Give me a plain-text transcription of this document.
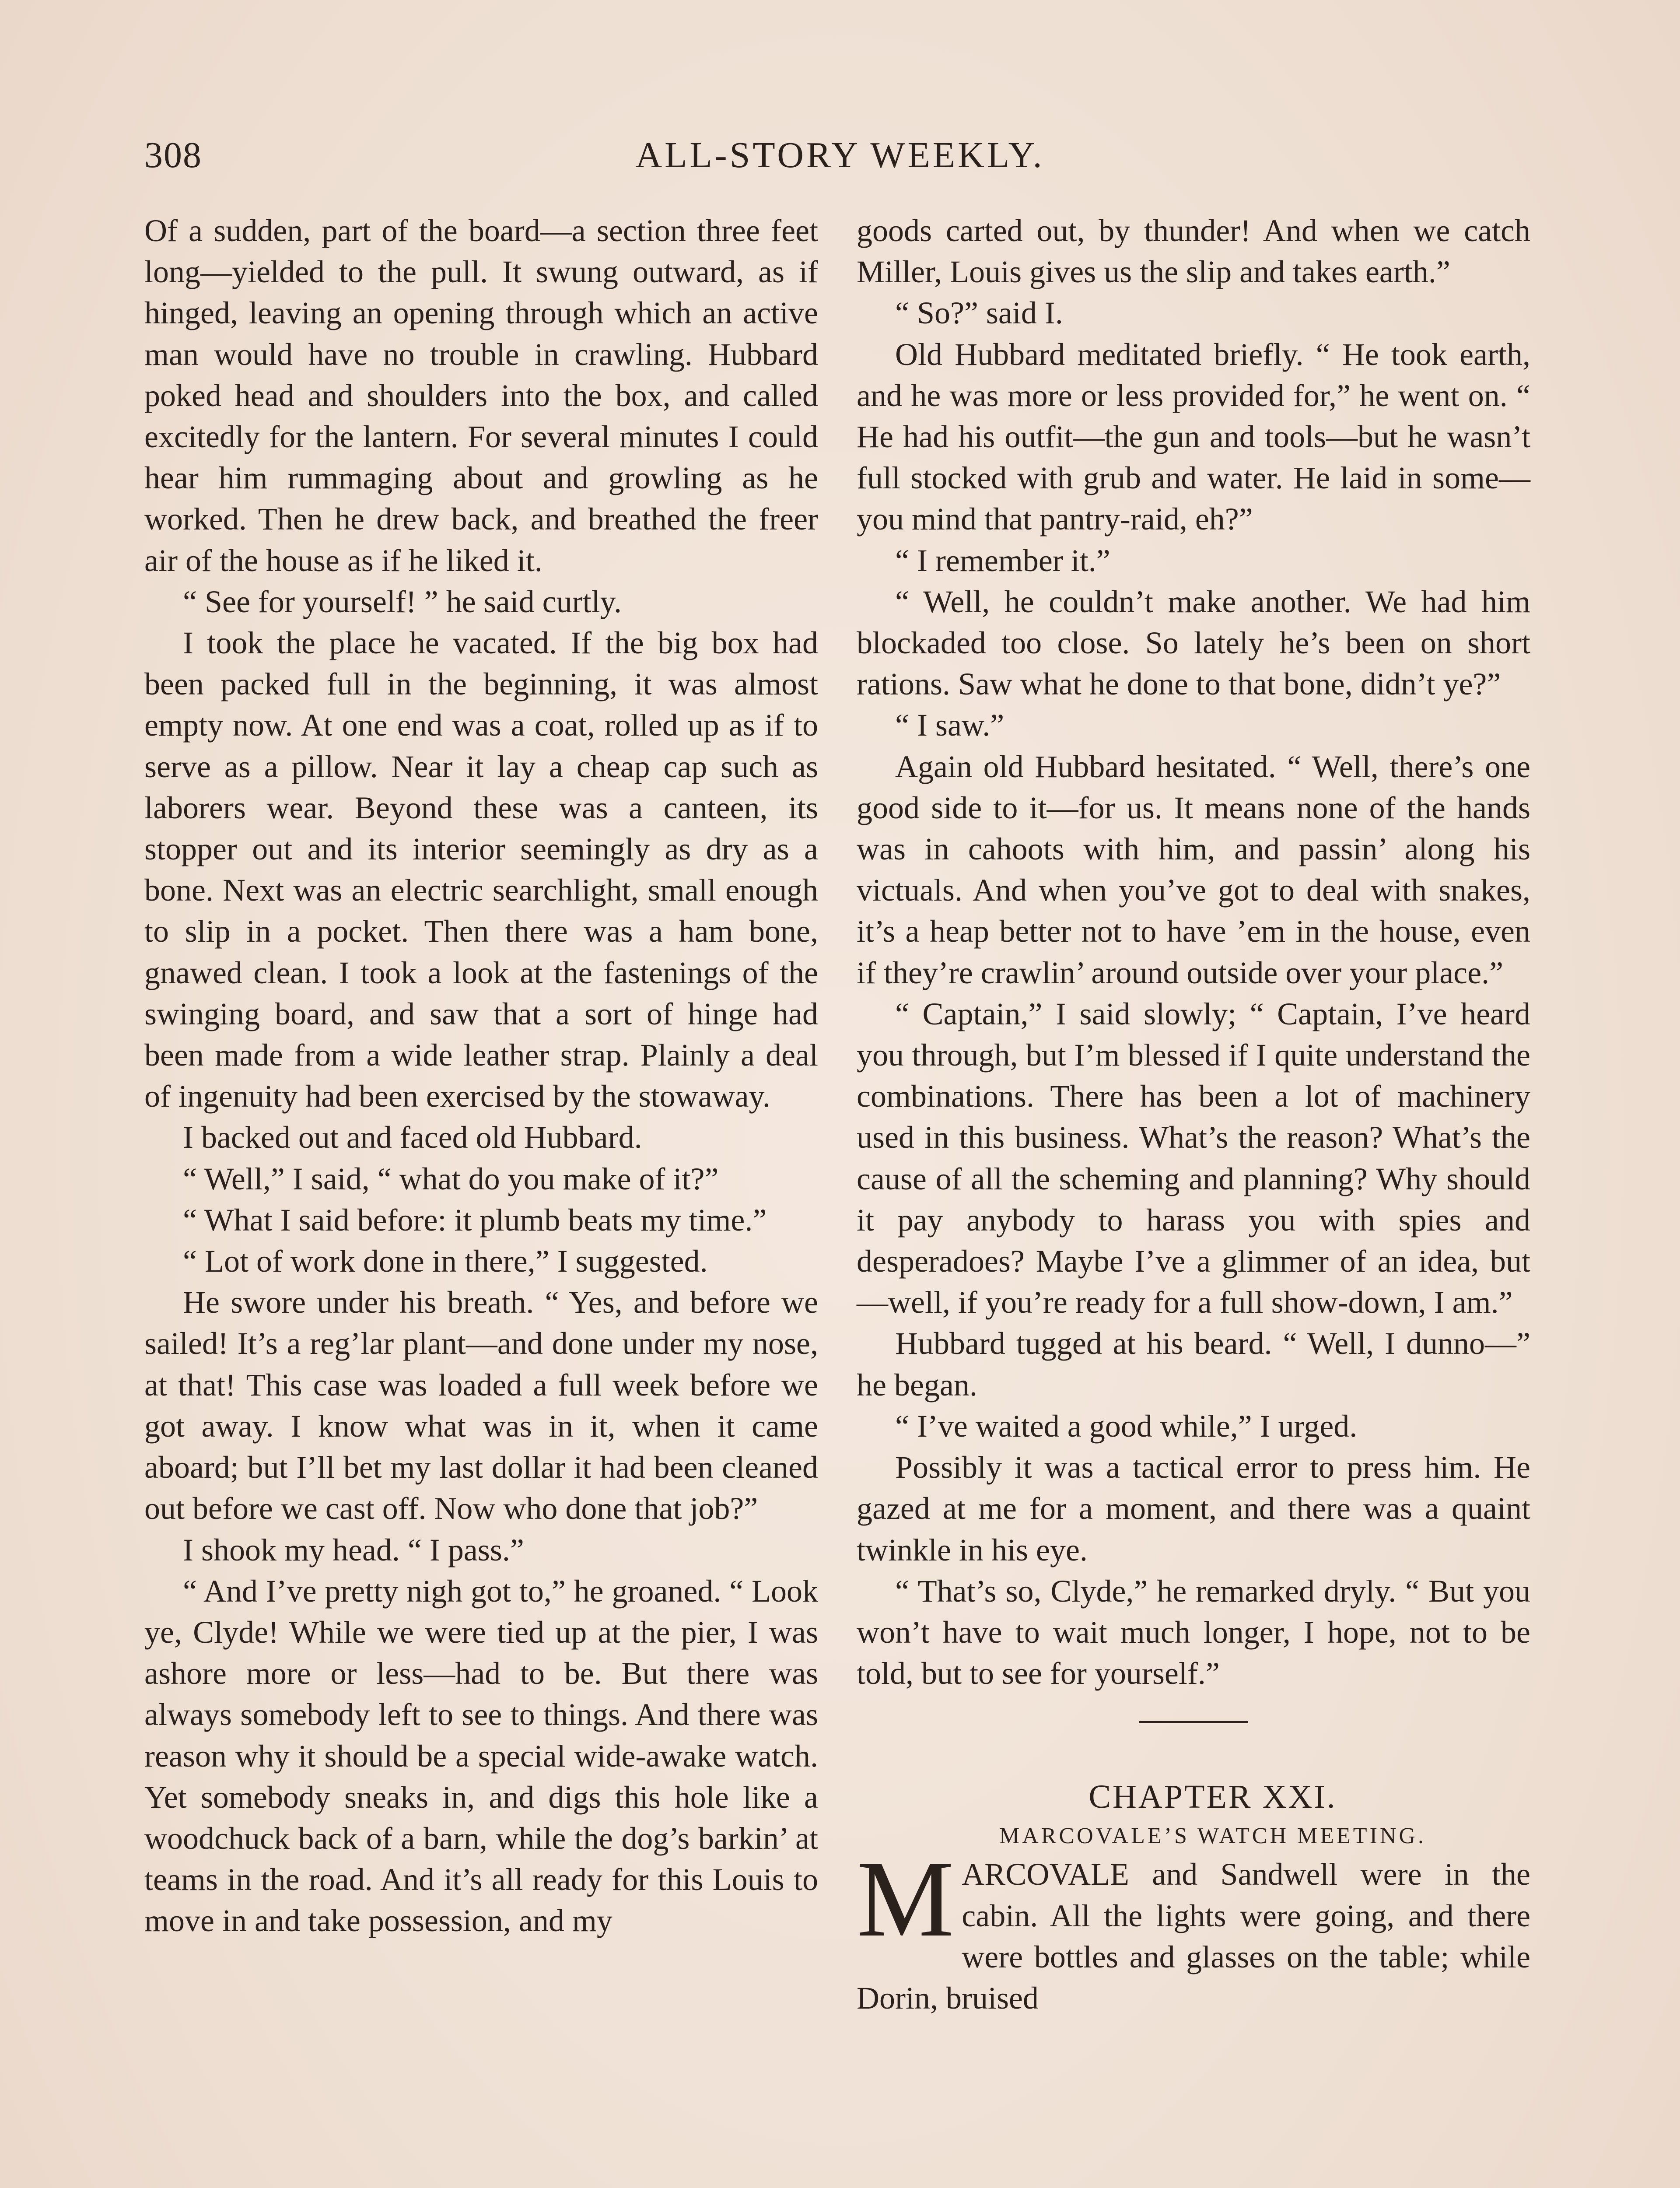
308	ALL-STORY WEEKLY.

Of a sudden, part of the board—a section three feet long—yielded to the pull. It swung outward, as if hinged, leaving an opening through which an active man would have no trouble in crawling. Hubbard poked head and shoulders into the box, and called excitedly for the lantern. For several minutes I could hear him rummaging about and growling as he worked. Then he drew back, and breathed the freer air of the house as if he liked it.

“ See for yourself! ” he said curtly.

I took the place he vacated. If the big box had been packed full in the beginning, it was almost empty now. At one end was a coat, rolled up as if to serve as a pillow. Near it lay a cheap cap such as laborers wear. Beyond these was a canteen, its stopper out and its interior seemingly as dry as a bone. Next was an electric searchlight, small enough to slip in a pocket. Then there was a ham bone, gnawed clean. I took a look at the fastenings of the swinging board, and saw that a sort of hinge had been made from a wide leather strap. Plainly a deal of ingenuity had been exercised by the stowaway.

I backed out and faced old Hubbard.

“ Well,” I said, “ what do you make of it?”

“ What I said before: it plumb beats my time.”

“ Lot of work done in there,” I suggested.

He swore under his breath. “ Yes, and before we sailed! It’s a reg’lar plant—and done under my nose, at that! This case was loaded a full week before we got away. I know what was in it, when it came aboard; but I’ll bet my last dollar it had been cleaned out before we cast off. Now who done that job?”

I shook my head. “ I pass.”

“ And I’ve pretty nigh got to,” he groaned. “ Look ye, Clyde! While we were tied up at the pier, I was ashore more or less—had to be. But there was always somebody left to see to things. And there was reason why it should be a special wide-awake watch. Yet somebody sneaks in, and digs this hole like a woodchuck back of a barn, while the dog’s barkin’ at teams in the road. And it’s all ready for this Louis to move in and take possession, and my

goods carted out, by thunder! And when we catch Miller, Louis gives us the slip and takes earth.”

“ So?” said I.

Old Hubbard meditated briefly. “ He took earth, and he was more or less provided for,” he went on. “ He had his outfit—the gun and tools—but he wasn’t full stocked with grub and water. He laid in some—you mind that pantry-raid, eh?”

“ I remember it.”

“ Well, he couldn’t make another. We had him blockaded too close. So lately he’s been on short rations. Saw what he done to that bone, didn’t ye?”

“ I saw.”

Again old Hubbard hesitated. “ Well, there’s one good side to it—for us. It means none of the hands was in cahoots with him, and passin’ along his victuals. And when you’ve got to deal with snakes, it’s a heap better not to have ’em in the house, even if they’re crawlin’ around outside over your place.”

“ Captain,” I said slowly; “ Captain, I’ve heard you through, but I’m blessed if I quite understand the combinations. There has been a lot of machinery used in this business. What’s the reason? What’s the cause of all the scheming and planning? Why should it pay anybody to harass you with spies and desperadoes? Maybe I’ve a glimmer of an idea, but—well, if you’re ready for a full show-down, I am.”

Hubbard tugged at his beard. “ Well, I dunno—” he began.

“ I’ve waited a good while,” I urged.

Possibly it was a tactical error to press him. He gazed at me for a moment, and there was a quaint twinkle in his eye.

“ That’s so, Clyde,” he remarked dryly. “ But you won’t have to wait much longer, I hope, not to be told, but to see for yourself.”

CHAPTER XXI.

MARCOVALE’S WATCH MEETING.

MARCOVALE and Sandwell were in the cabin. All the lights were going, and there were bottles and glasses on the table; while Dorin, bruised
